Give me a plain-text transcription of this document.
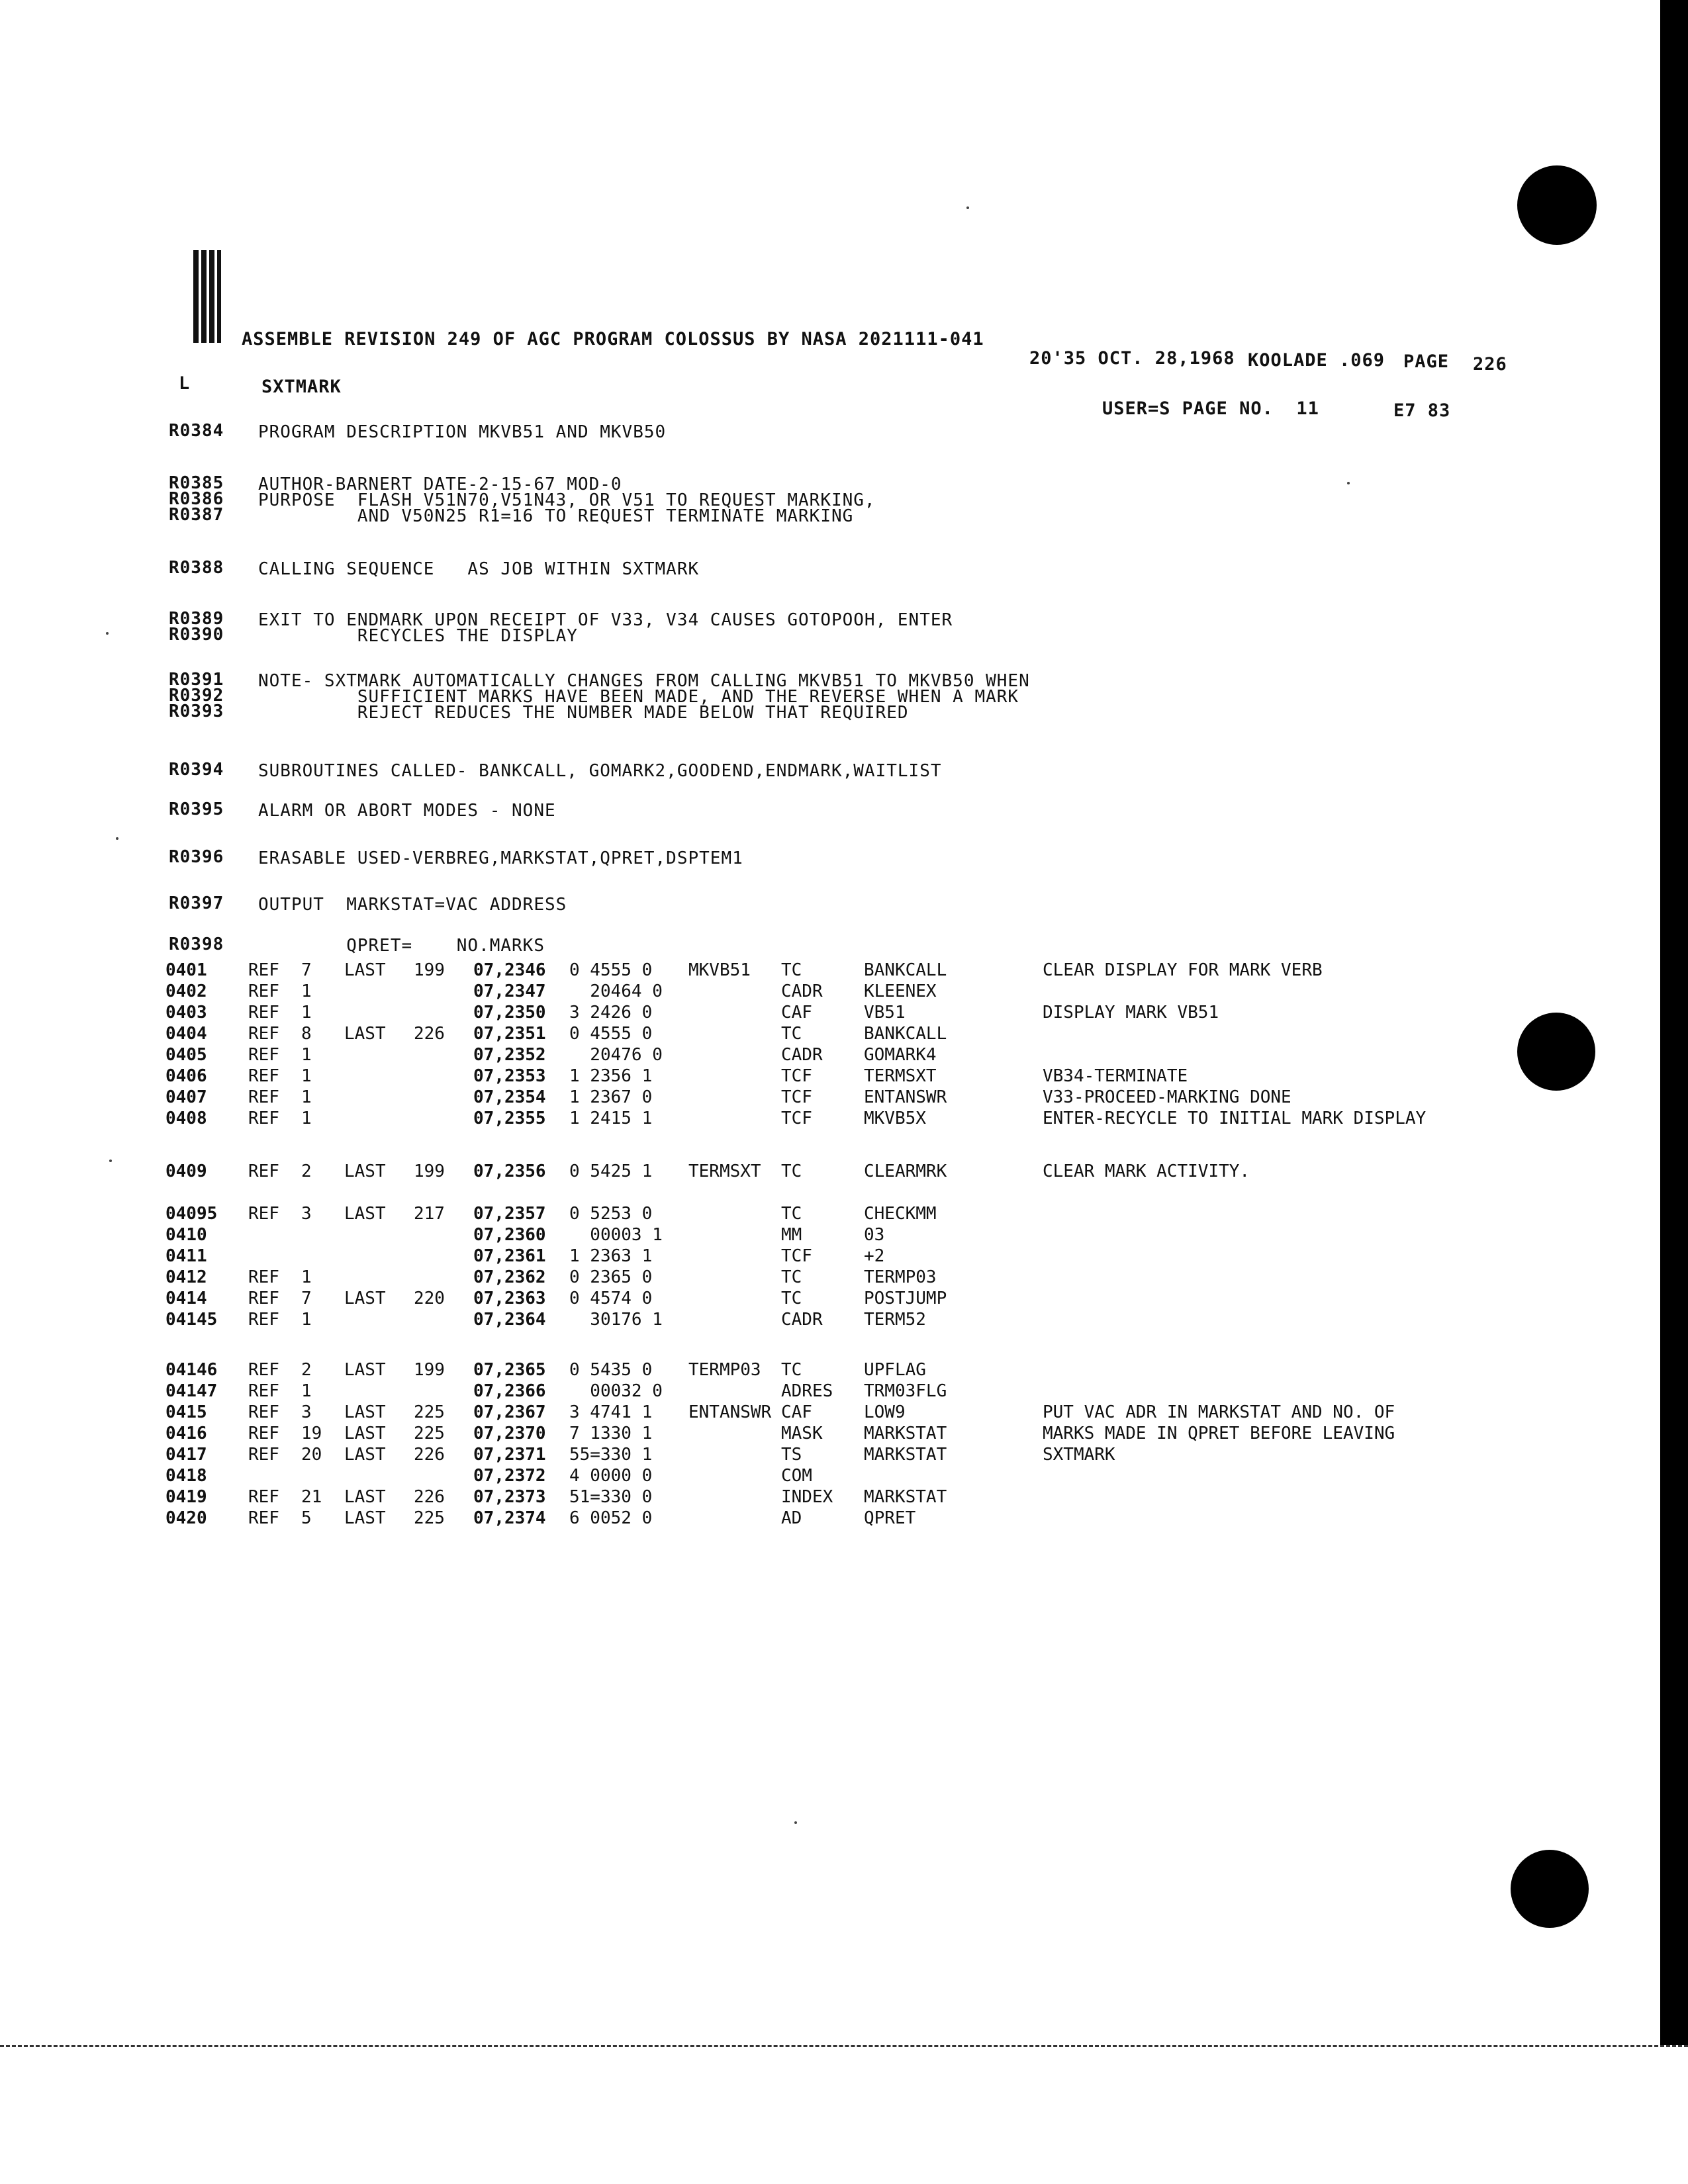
ASSEMBLE REVISION 249 OF AGC PROGRAM COLOSSUS BY NASA 2021111-041
20'35 OCT. 28,1968 KOOLADE .069 PAGE 226
L	SXTMARK
USER=S PAGE NO.  11	E7 83
R0384 PROGRAM DESCRIPTION MKVB51 AND MKVB50
R0385 AUTHOR-BARNERT DATE-2-15-67 MOD-0
R0386 PURPOSE  FLASH V51N70,V51N43, OR V51 TO REQUEST MARKING,
R0387 AND V50N25 R1=16 TO REQUEST TERMINATE MARKING
R0388 CALLING SEQUENCE   AS JOB WITHIN SXTMARK
R0389 EXIT TO ENDMARK UPON RECEIPT OF V33, V34 CAUSES GOTOPOOH, ENTER
R0390 RECYCLES THE DISPLAY
R0391 NOTE- SXTMARK AUTOMATICALLY CHANGES FROM CALLING MKVB51 TO MKVB50 WHEN
R0392 SUFFICIENT MARKS HAVE BEEN MADE, AND THE REVERSE WHEN A MARK
R0393 REJECT REDUCES THE NUMBER MADE BELOW THAT REQUIRED
R0394 SUBROUTINES CALLED- BANKCALL, GOMARK2,GOODEND,ENDMARK,WAITLIST
R0395 ALARM OR ABORT MODES - NONE
R0396 ERASABLE USED-VERBREG,MARKSTAT,QPRET,DSPTEM1
R0397 OUTPUT  MARKSTAT=VAC ADDRESS
R0398 QPRET=    NO.MARKS
0401 REF 7 LAST 199 07,2346 0 4555 0 MKVB51 TC	BANKCALL	CLEAR DISPLAY FOR MARK VERB
0402 REF 1	07,2347 20464 0	CADR KLEENEX
0403 REF 1	07,2350 3 2426 0	CAF	VB51	DISPLAY MARK VB51
0404 REF 8 LAST 226 07,2351 0 4555 0	TC	BANKCALL
0405 REF 1	07,2352 20476 0	CADR GOMARK4
0406 REF 1	07,2353 1 2356 1	TCF	TERMSXT	VB34-TERMINATE
0407 REF 1	07,2354 1 2367 0	TCF	ENTANSWR	V33-PROCEED-MARKING DONE
0408 REF 1	07,2355 1 2415 1	TCF	MKVB5X	ENTER-RECYCLE TO INITIAL MARK DISPLAY
0409 REF 2 LAST 199 07,2356 0 5425 1 TERMSXT TC	CLEARMRK	CLEAR MARK ACTIVITY.
04095 REF 3 LAST 217 07,2357 0 5253 0	TC	CHECKMM
0410	07,2360 00003 1	MM	03
0411	07,2361 1 2363 1	TCF	+2
0412 REF 1	07,2362 0 2365 0	TC	TERMP03
0414 REF 7 LAST 220 07,2363 0 4574 0	TC	POSTJUMP
04145 REF 1	07,2364 30176 1	CADR TERM52
04146 REF 2 LAST 199 07,2365 0 5435 0 TERMP03 TC	UPFLAG
04147 REF 1	07,2366 00032 0	ADRES TRM03FLG
0415 REF 3 LAST 225 07,2367 3 4741 1 ENTANSWR CAF	LOW9	PUT VAC ADR IN MARKSTAT AND NO. OF
0416 REF 19 LAST 225 07,2370 7 1330 1	MASK MARKSTAT	MARKS MADE IN QPRET BEFORE LEAVING
0417 REF 20 LAST 226 07,2371 55=330 1	TS	MARKSTAT	SXTMARK
0418	07,2372 4 0000 0	COM
0419 REF 21 LAST 226 07,2373 51=330 0	INDEX MARKSTAT
0420 REF 5 LAST 225 07,2374 6 0052 0	AD	QPRET
